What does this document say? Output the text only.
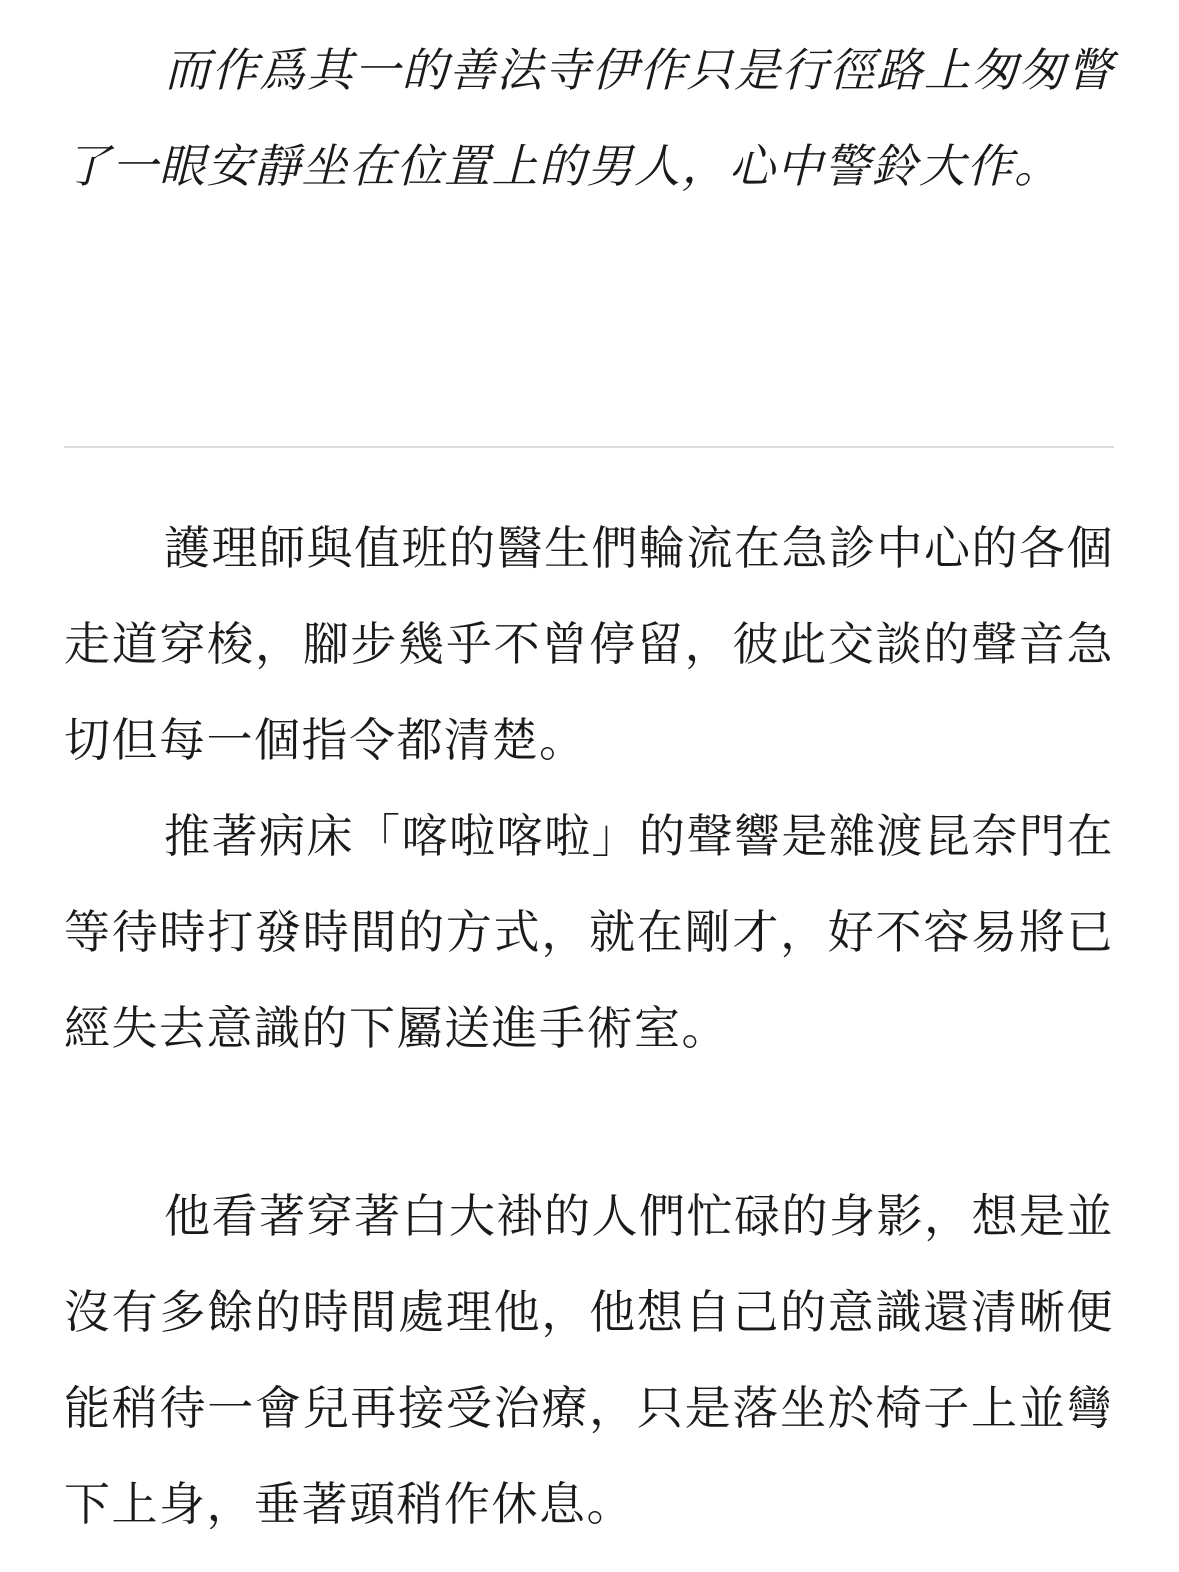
而作爲其一的善法寺伊作只是行徑路上匆匆瞥了一眼安靜坐在位置上的男人，心中警鈴大作。

護理師與值班的醫生們輪流在急診中心的各個走道穿梭，腳步幾乎不曾停留，彼此交談的聲音急切但每一個指令都清楚。

推著病床「喀啦喀啦」的聲響是雜渡昆奈門在等待時打發時間的方式，就在剛才，好不容易將已經失去意識的下屬送進手術室。

他看著穿著白大褂的人們忙碌的身影，想是並沒有多餘的時間處理他，他想自己的意識還清晰便能稍待一會兒再接受治療，只是落坐於椅子上並彎下上身，垂著頭稍作休息。
